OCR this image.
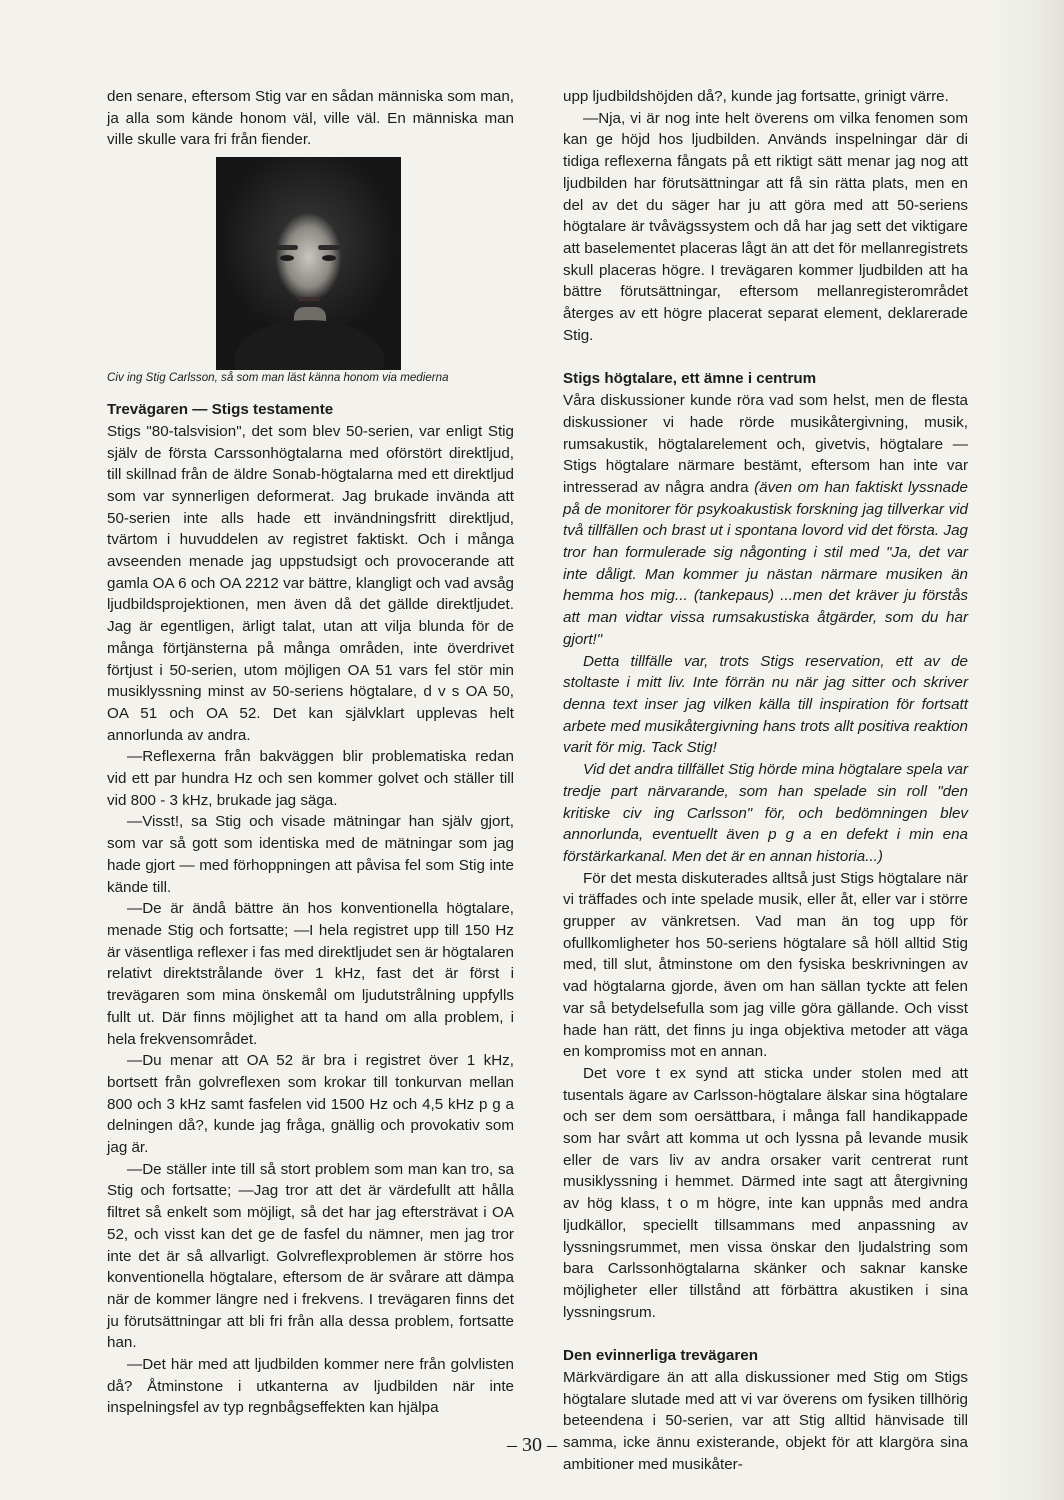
den senare, eftersom Stig var en sådan människa som man, ja alla som kände honom väl, ville väl. En människa man ville skulle vara fri från fiender.

Civ ing Stig Carlsson, så som man läst känna honom via medierna

Trevägaren — Stigs testamente

Stigs "80-talsvision", det som blev 50-serien, var enligt Stig själv de första Carssonhögtalarna med oförstört direktljud, till skillnad från de äldre Sonab-högtalarna med ett direktljud som var synnerligen deformerat. Jag brukade invända att 50-serien inte alls hade ett invändningsfritt direktljud, tvärtom i huvuddelen av registret faktiskt. Och i många avseenden menade jag uppstudsigt och provocerande att gamla OA 6 och OA 2212 var bättre, klangligt och vad avsåg ljudbildsprojektionen, men även då det gällde direktljudet. Jag är egentligen, ärligt talat, utan att vilja blunda för de många förtjänsterna på många områden, inte överdrivet förtjust i 50-serien, utom möjligen OA 51 vars fel stör min musiklyssning minst av 50-seriens högtalare, d v s OA 50, OA 51 och OA 52. Det kan självklart upplevas helt annorlunda av andra.

—Reflexerna från bakväggen blir problematiska redan vid ett par hundra Hz och sen kommer golvet och ställer till vid 800 - 3 kHz, brukade jag säga.

—Visst!, sa Stig och visade mätningar han själv gjort, som var så gott som identiska med de mätningar som jag hade gjort — med förhoppningen att påvisa fel som Stig inte kände till.

—De är ändå bättre än hos konventionella högtalare, menade Stig och fortsatte; —I hela registret upp till 150 Hz är väsentliga reflexer i fas med direktljudet sen är högtalaren relativt direktstrålande över 1 kHz, fast det är först i trevägaren som mina önskemål om ljudutstrålning uppfylls fullt ut. Där finns möjlighet att ta hand om alla problem, i hela frekvensområdet.

—Du menar att OA 52 är bra i registret över 1 kHz, bortsett från golvreflexen som krokar till tonkurvan mellan 800 och 3 kHz samt fasfelen vid 1500 Hz och 4,5 kHz p g a delningen då?, kunde jag fråga, gnällig och provokativ som jag är.

—De ställer inte till så stort problem som man kan tro, sa Stig och fortsatte; —Jag tror att det är värdefullt att hålla filtret så enkelt som möjligt, så det har jag eftersträvat i OA 52, och visst kan det ge de fasfel du nämner, men jag tror inte det är så allvarligt. Golvreflexproblemen är större hos konventionella högtalare, eftersom de är svårare att dämpa när de kommer längre ned i frekvens. I trevägaren finns det ju förutsättningar att bli fri från alla dessa problem, fortsatte han.

—Det här med att ljudbilden kommer nere från golvlisten då? Åtminstone i utkanterna av ljudbilden när inte inspelningsfel av typ regnbågseffekten kan hjälpa

upp ljudbildshöjden då?, kunde jag fortsatte, grinigt värre.

—Nja, vi är nog inte helt överens om vilka fenomen som kan ge höjd hos ljudbilden. Används inspelningar där di tidiga reflexerna fångats på ett riktigt sätt menar jag nog att ljudbilden har förutsättningar att få sin rätta plats, men en del av det du säger har ju att göra med att 50-seriens högtalare är tvåvägssystem och då har jag sett det viktigare att baselementet placeras lågt än att det för mellanregistrets skull placeras högre. I trevägaren kommer ljudbilden att ha bättre förutsättningar, eftersom mellanregisterområdet återges av ett högre placerat separat element, deklarerade Stig.

Stigs högtalare, ett ämne i centrum

Våra diskussioner kunde röra vad som helst, men de flesta diskussioner vi hade rörde musikåtergivning, musik, rumsakustik, högtalarelement och, givetvis, högtalare — Stigs högtalare närmare bestämt, eftersom han inte var intresserad av några andra (även om han faktiskt lyssnade på de monitorer för psykoakustisk forskning jag tillverkar vid två tillfällen och brast ut i spontana lovord vid det första. Jag tror han formulerade sig någonting i stil med "Ja, det var inte dåligt. Man kommer ju nästan närmare musiken än hemma hos mig... (tankepaus) ...men det kräver ju förstås att man vidtar vissa rumsakustiska åtgärder, som du har gjort!"

Detta tillfälle var, trots Stigs reservation, ett av de stoltaste i mitt liv. Inte förrän nu när jag sitter och skriver denna text inser jag vilken källa till inspiration för fortsatt arbete med musikåtergivning hans trots allt positiva reaktion varit för mig. Tack Stig!

Vid det andra tillfället Stig hörde mina högtalare spela var tredje part närvarande, som han spelade sin roll "den kritiske civ ing Carlsson" för, och bedömningen blev annorlunda, eventuellt även p g a en defekt i min ena förstärkarkanal. Men det är en annan historia...)

För det mesta diskuterades alltså just Stigs högtalare när vi träffades och inte spelade musik, eller åt, eller var i större grupper av vänkretsen. Vad man än tog upp för ofullkomligheter hos 50-seriens högtalare så höll alltid Stig med, till slut, åtminstone om den fysiska beskrivningen av vad högtalarna gjorde, även om han sällan tyckte att felen var så betydelsefulla som jag ville göra gällande. Och visst hade han rätt, det finns ju inga objektiva metoder att väga en kompromiss mot en annan.

Det vore t ex synd att sticka under stolen med att tusentals ägare av Carlsson-högtalare älskar sina högtalare och ser dem som oersättbara, i många fall handikappade som har svårt att komma ut och lyssna på levande musik eller de vars liv av andra orsaker varit centrerat runt musiklyssning i hemmet. Därmed inte sagt att återgivning av hög klass, t o m högre, inte kan uppnås med andra ljudkällor, speciellt tillsammans med anpassning av lyssningsrummet, men vissa önskar den ljudalstring som bara Carlssonhögtalarna skänker och saknar kanske möjligheter eller tillstånd att förbättra akustiken i sina lyssningsrum.

Den evinnerliga trevägaren

Märkvärdigare än att alla diskussioner med Stig om Stigs högtalare slutade med att vi var överens om fysiken tillhörig beteendena i 50-serien, var att Stig alltid hänvisade till samma, icke ännu existerande, objekt för att klargöra sina ambitioner med musikåter-

– 30 –
